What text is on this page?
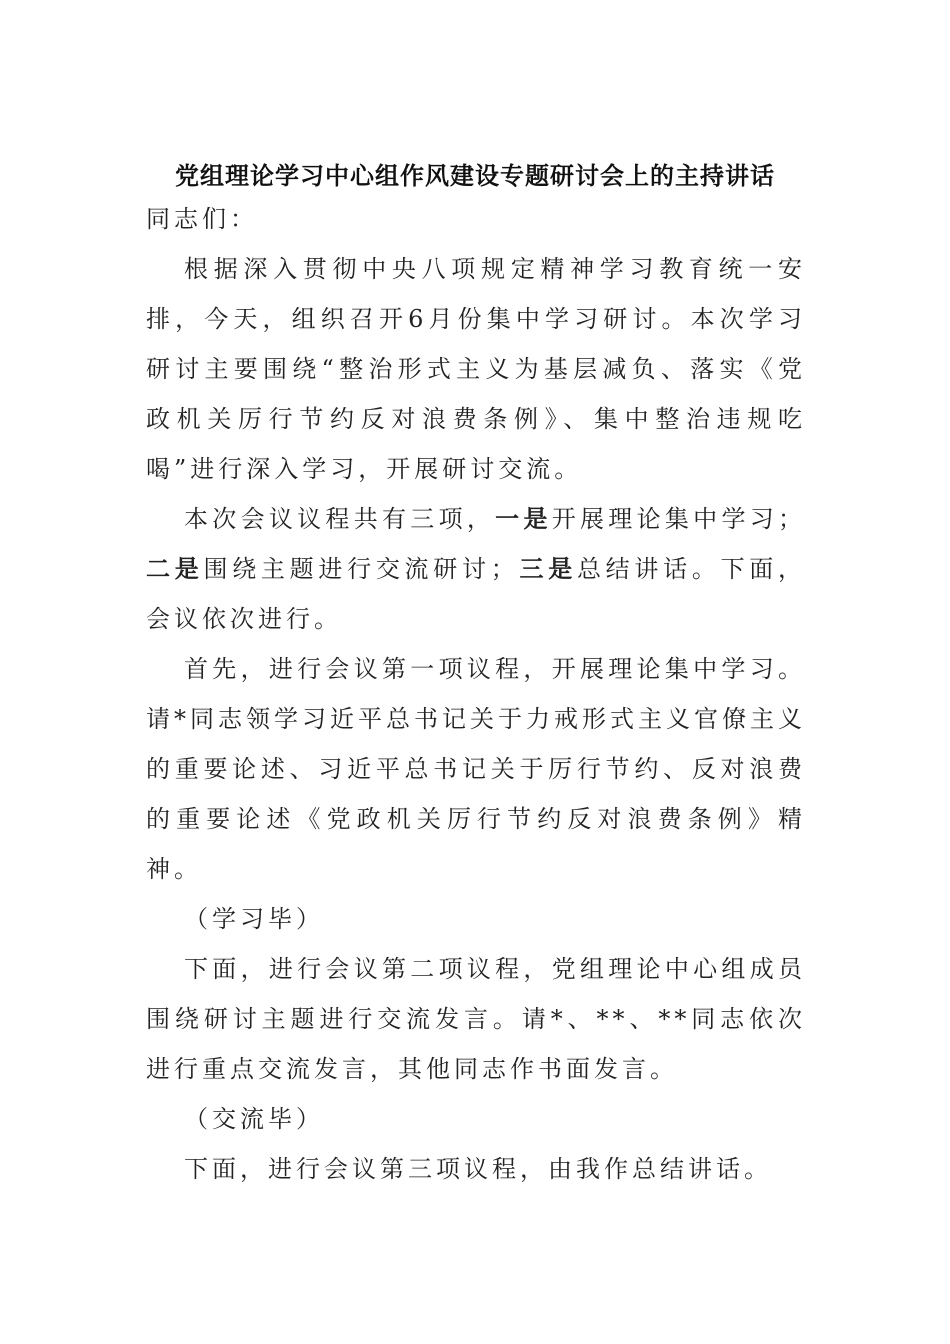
党组理论学习中心组作风建设专题研讨会上的主持讲话

同志们：

根据深入贯彻中央八项规定精神学习教育统一安排，今天，组织召开6月份集中学习研讨。本次学习研讨主要围绕“整治形式主义为基层减负、落实《党政机关厉行节约反对浪费条例》、集中整治违规吃喝”进行深入学习，开展研讨交流。

本次会议议程共有三项，一是开展理论集中学习；二是围绕主题进行交流研讨；三是总结讲话。下面，会议依次进行。

首先，进行会议第一项议程，开展理论集中学习。请*同志领学习近平总书记关于力戒形式主义官僚主义的重要论述、习近平总书记关于厉行节约、反对浪费的重要论述《党政机关厉行节约反对浪费条例》精神。

（学习毕）

下面，进行会议第二项议程，党组理论中心组成员围绕研讨主题进行交流发言。请*、**、**同志依次进行重点交流发言，其他同志作书面发言。

（交流毕）

下面，进行会议第三项议程，由我作总结讲话。
